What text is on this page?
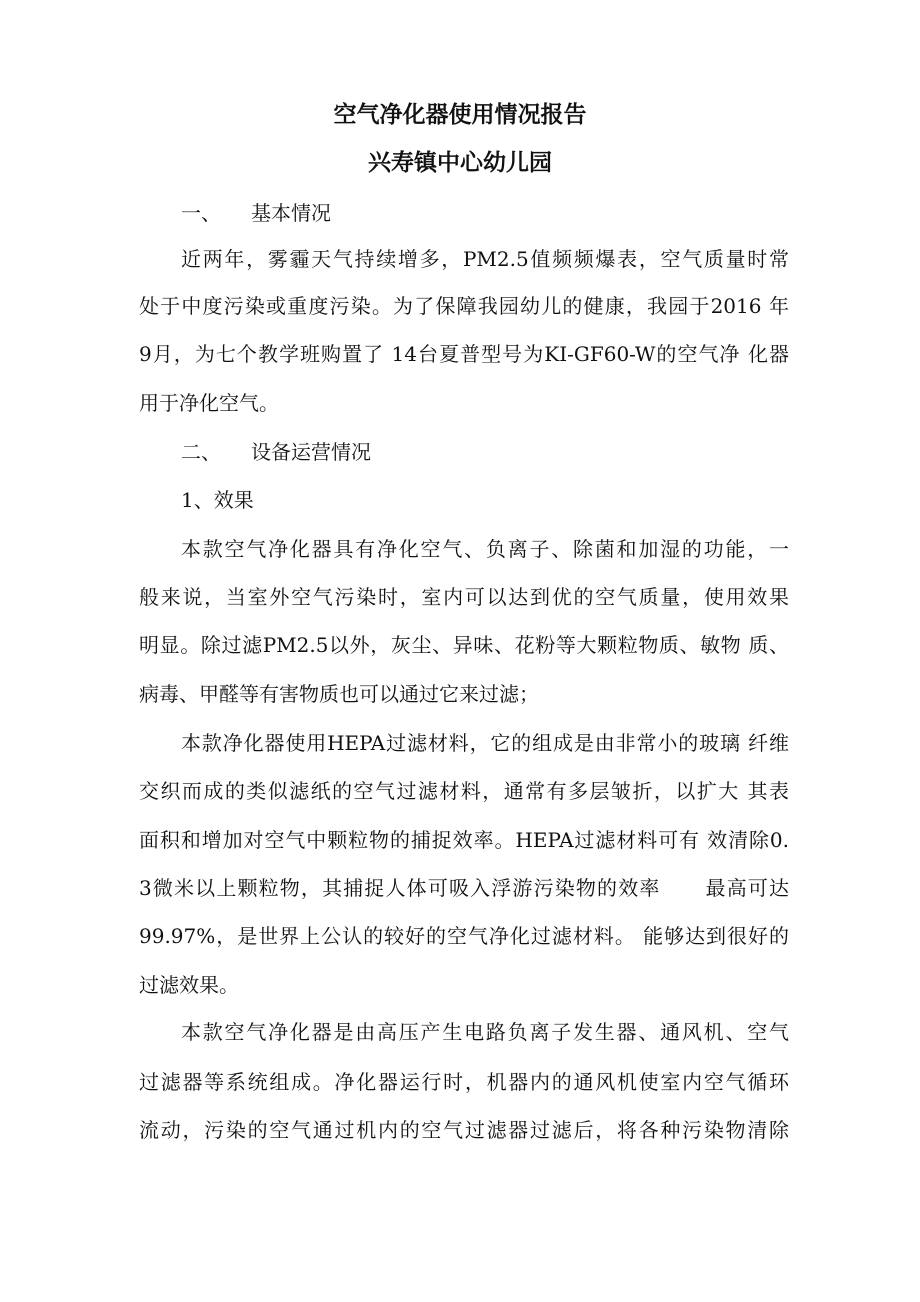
空气净化器使用情况报告
兴寿镇中心幼儿园
一、 基本情况
近两年，雾霾天气持续增多，PM2.5值频频爆表，空气质量时常
处于中度污染或重度污染。为了保障我园幼儿的健康，我园于2016 年
9月，为七个教学班购置了 14台夏普型号为KI-GF60-W的空气净 化器
用于净化空气。
二、 设备运营情况
1、效果
本款空气净化器具有净化空气、负离子、除菌和加湿的功能，一
般来说，当室外空气污染时，室内可以达到优的空气质量，使用效果
明显。除过滤PM2.5以外，灰尘、异味、花粉等大颗粒物质、敏物 质、
病毒、甲醛等有害物质也可以通过它来过滤；
本款净化器使用HEPA过滤材料，它的组成是由非常小的玻璃 纤维
交织而成的类似滤纸的空气过滤材料，通常有多层皱折，以扩大 其表
面积和增加对空气中颗粒物的捕捉效率。HEPA过滤材料可有 效清除0.
3微米以上颗粒物，其捕捉人体可吸入浮游污染物的效率      最高可达
99.97%，是世界上公认的较好的空气净化过滤材料。 能够达到很好的
过滤效果。
本款空气净化器是由高压产生电路负离子发生器、通风机、空气
过滤器等系统组成。净化器运行时，机器内的通风机使室内空气循环
流动，污染的空气通过机内的空气过滤器过滤后，将各种污染物清除
